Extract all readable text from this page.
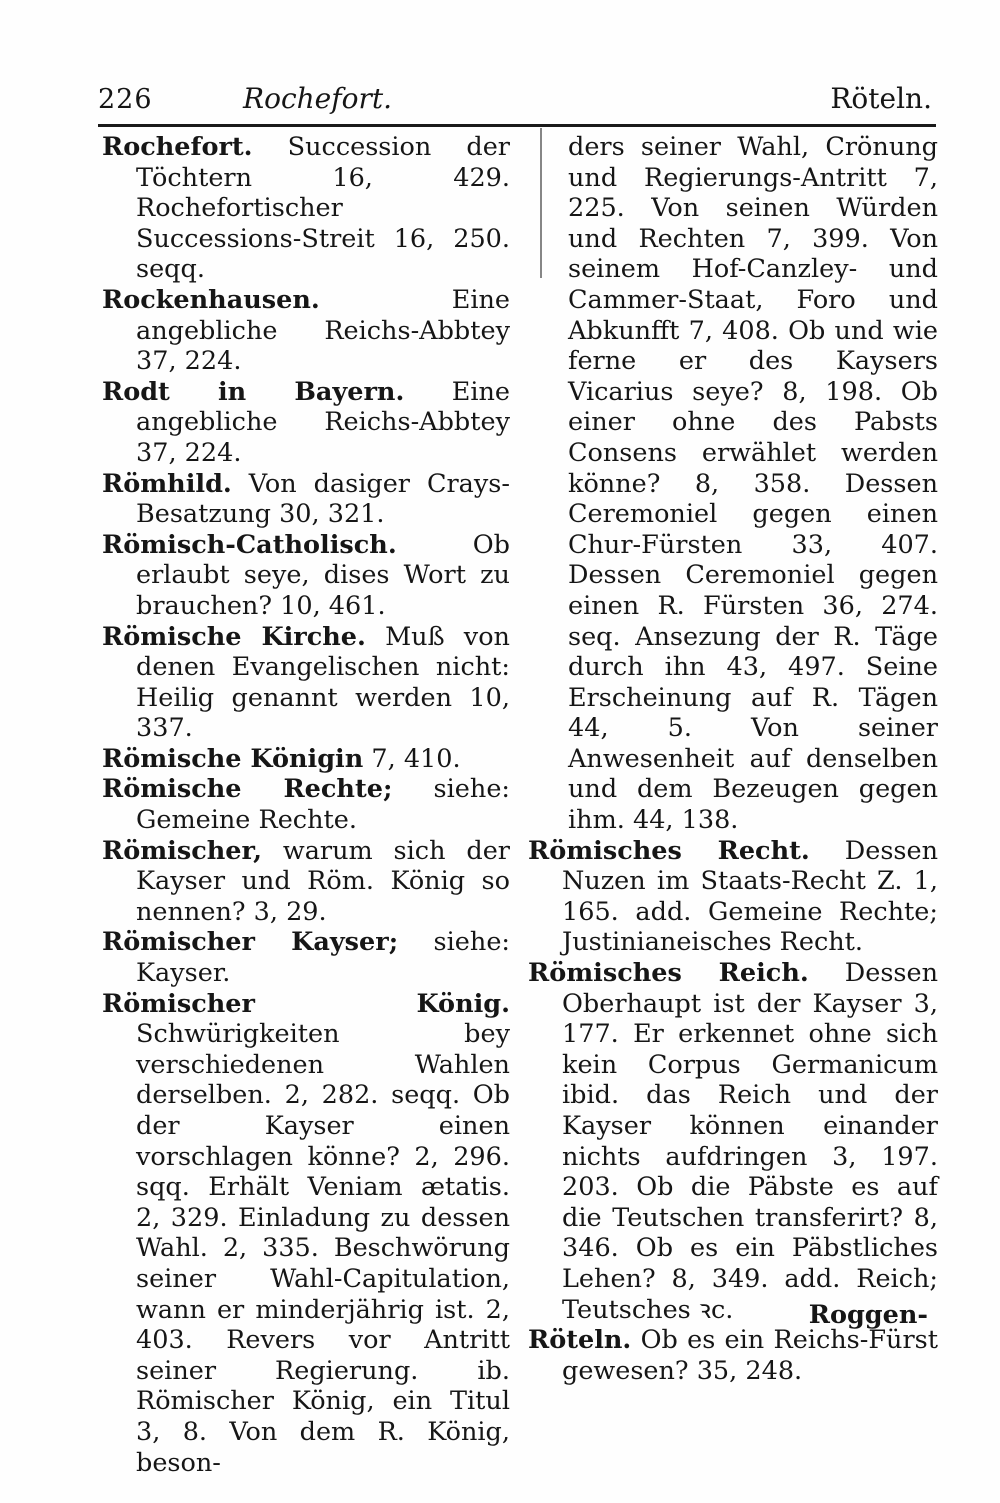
226	Rochefort.	Röteln.

Rochefort. Succession der Töchtern 16, 429. Rochefortischer Successions-Streit 16, 250. seqq.

Rockenhausen. Eine angebliche Reichs-Abbtey 37, 224.

Rodt in Bayern. Eine angebliche Reichs-Abbtey 37, 224.

Römhild. Von dasiger Crays-Besatzung 30, 321.

Römisch-Catholisch. Ob erlaubt seye, dises Wort zu brauchen? 10, 461.

Römische Kirche. Muß von denen Evangelischen nicht: Heilig genannt werden 10, 337.

Römische Königin 7, 410.

Römische Rechte; siehe: Gemeine Rechte.

Römischer, warum sich der Kayser und Röm. König so nennen? 3, 29.

Römischer Kayser; siehe: Kayser.

Römischer König. Schwürigkeiten bey verschiedenen Wahlen derselben. 2, 282. seqq. Ob der Kayser einen vorschlagen könne? 2, 296. sqq. Erhält Veniam ætatis. 2, 329. Einladung zu dessen Wahl. 2, 335. Beschwörung seiner Wahl-Capitulation, wann er minderjährig ist. 2, 403. Revers vor Antritt seiner Regierung. ib. Römischer König, ein Titul 3, 8. Von dem R. König, beson-

ders seiner Wahl, Crönung und Regierungs-Antritt 7, 225. Von seinen Würden und Rechten 7, 399. Von seinem Hof-Canzley- und Cammer-Staat, Foro und Abkunfft 7, 408. Ob und wie ferne er des Kaysers Vicarius seye? 8, 198. Ob einer ohne des Pabsts Consens erwählet werden könne? 8, 358. Dessen Ceremoniel gegen einen Chur-Fürsten 33, 407. Dessen Ceremoniel gegen einen R. Fürsten 36, 274. seq. Ansezung der R. Täge durch ihn 43, 497. Seine Erscheinung auf R. Tägen 44, 5. Von seiner Anwesenheit auf denselben und dem Bezeugen gegen ihm. 44, 138.

Römisches Recht. Dessen Nuzen im Staats-Recht Z. 1, 165. add. Gemeine Rechte; Justinianeisches Recht.

Römisches Reich. Dessen Oberhaupt ist der Kayser 3, 177. Er erkennet ohne sich kein Corpus Germanicum ibid. das Reich und der Kayser können einander nichts aufdringen 3, 197. 203. Ob die Päbste es auf die Teutschen transferirt? 8, 346. Ob es ein Päbstliches Lehen? 8, 349. add. Reich; Teutsches ꝛc.

Röteln. Ob es ein Reichs-Fürst gewesen? 35, 248.

Roggen-
